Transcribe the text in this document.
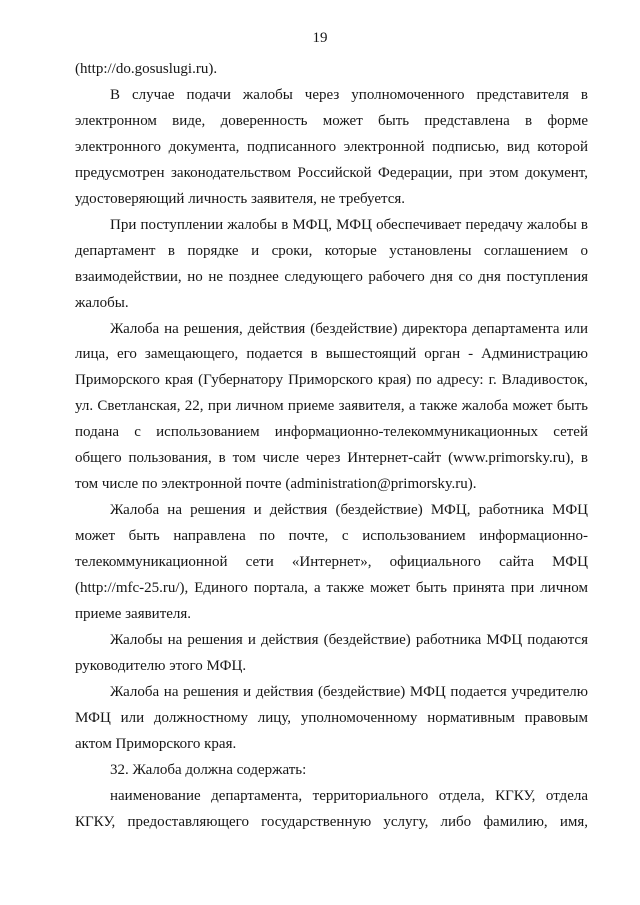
19
(http://do.gosuslugi.ru).
В случае подачи жалобы через уполномоченного представителя в
электронном виде, доверенность может быть представлена в форме
электронного документа, подписанного электронной подписью, вид которой
предусмотрен законодательством Российской Федерации, при этом документ,
удостоверяющий личность заявителя, не требуется.
При поступлении жалобы в МФЦ, МФЦ обеспечивает передачу жалобы в
департамент в порядке и сроки, которые установлены соглашением о
взаимодействии, но не позднее следующего рабочего дня со дня поступления
жалобы.
Жалоба на решения, действия (бездействие) директора департамента или
лица, его замещающего, подается в вышестоящий орган - Администрацию
Приморского края (Губернатору Приморского края) по адресу: г. Владивосток,
ул. Светланская, 22, при личном приеме заявителя, а также жалоба может быть
подана с использованием информационно-телекоммуникационных сетей
общего пользования, в том числе через Интернет-сайт (www.primorsky.ru), в
том числе по электронной почте (administration@primorsky.ru).
Жалоба на решения и действия (бездействие) МФЦ, работника МФЦ
может быть направлена по почте, с использованием информационно-
телекоммуникационной сети «Интернет», официального сайта МФЦ
(http://mfc-25.ru/), Единого портала, а также может быть принята при личном
приеме заявителя.
Жалобы на решения и действия (бездействие) работника МФЦ подаются
руководителю этого МФЦ.
Жалоба на решения и действия (бездействие) МФЦ подается учредителю
МФЦ или должностному лицу, уполномоченному нормативным правовым
актом Приморского края.
32. Жалоба должна содержать:
наименование департамента, территориального отдела, КГКУ, отдела
КГКУ, предоставляющего государственную услугу, либо фамилию, имя,
